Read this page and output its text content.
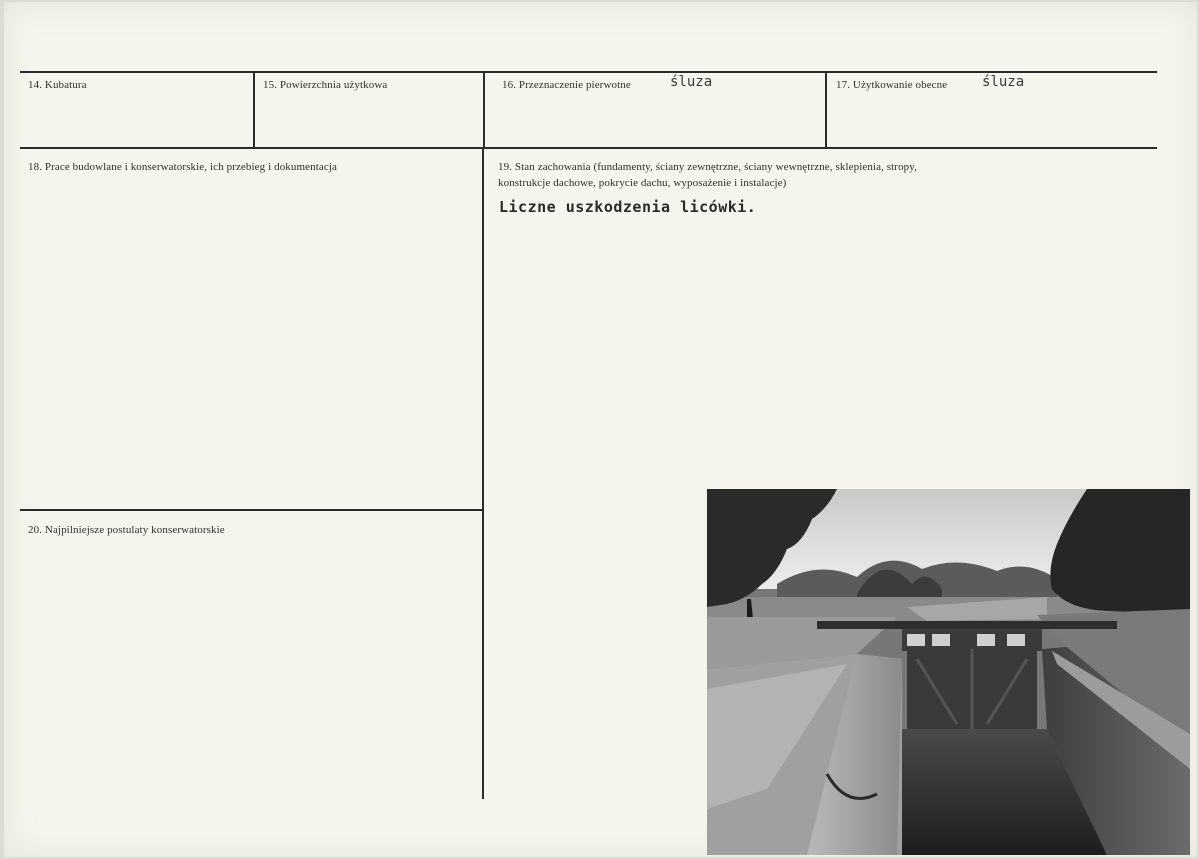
14. Kubatura	15. Powierzchnia użytkowa	16. Przeznaczenie pierwotne	śluza	17. Użytkowanie obecne śluza
18. Prace budowlane i konserwatorskie, ich przebieg i dokumentacja	19. Stan zachowania (fundamenty, ściany zewnętrzne, ściany wewnętrzne, sklepienia, stropy,
konstrukcje dachowe, pokrycie dachu, wyposażenie i instalacje)
Liczne uszkodzenia licówki.
20. Najpilniejsze postulaty konserwatorskie
